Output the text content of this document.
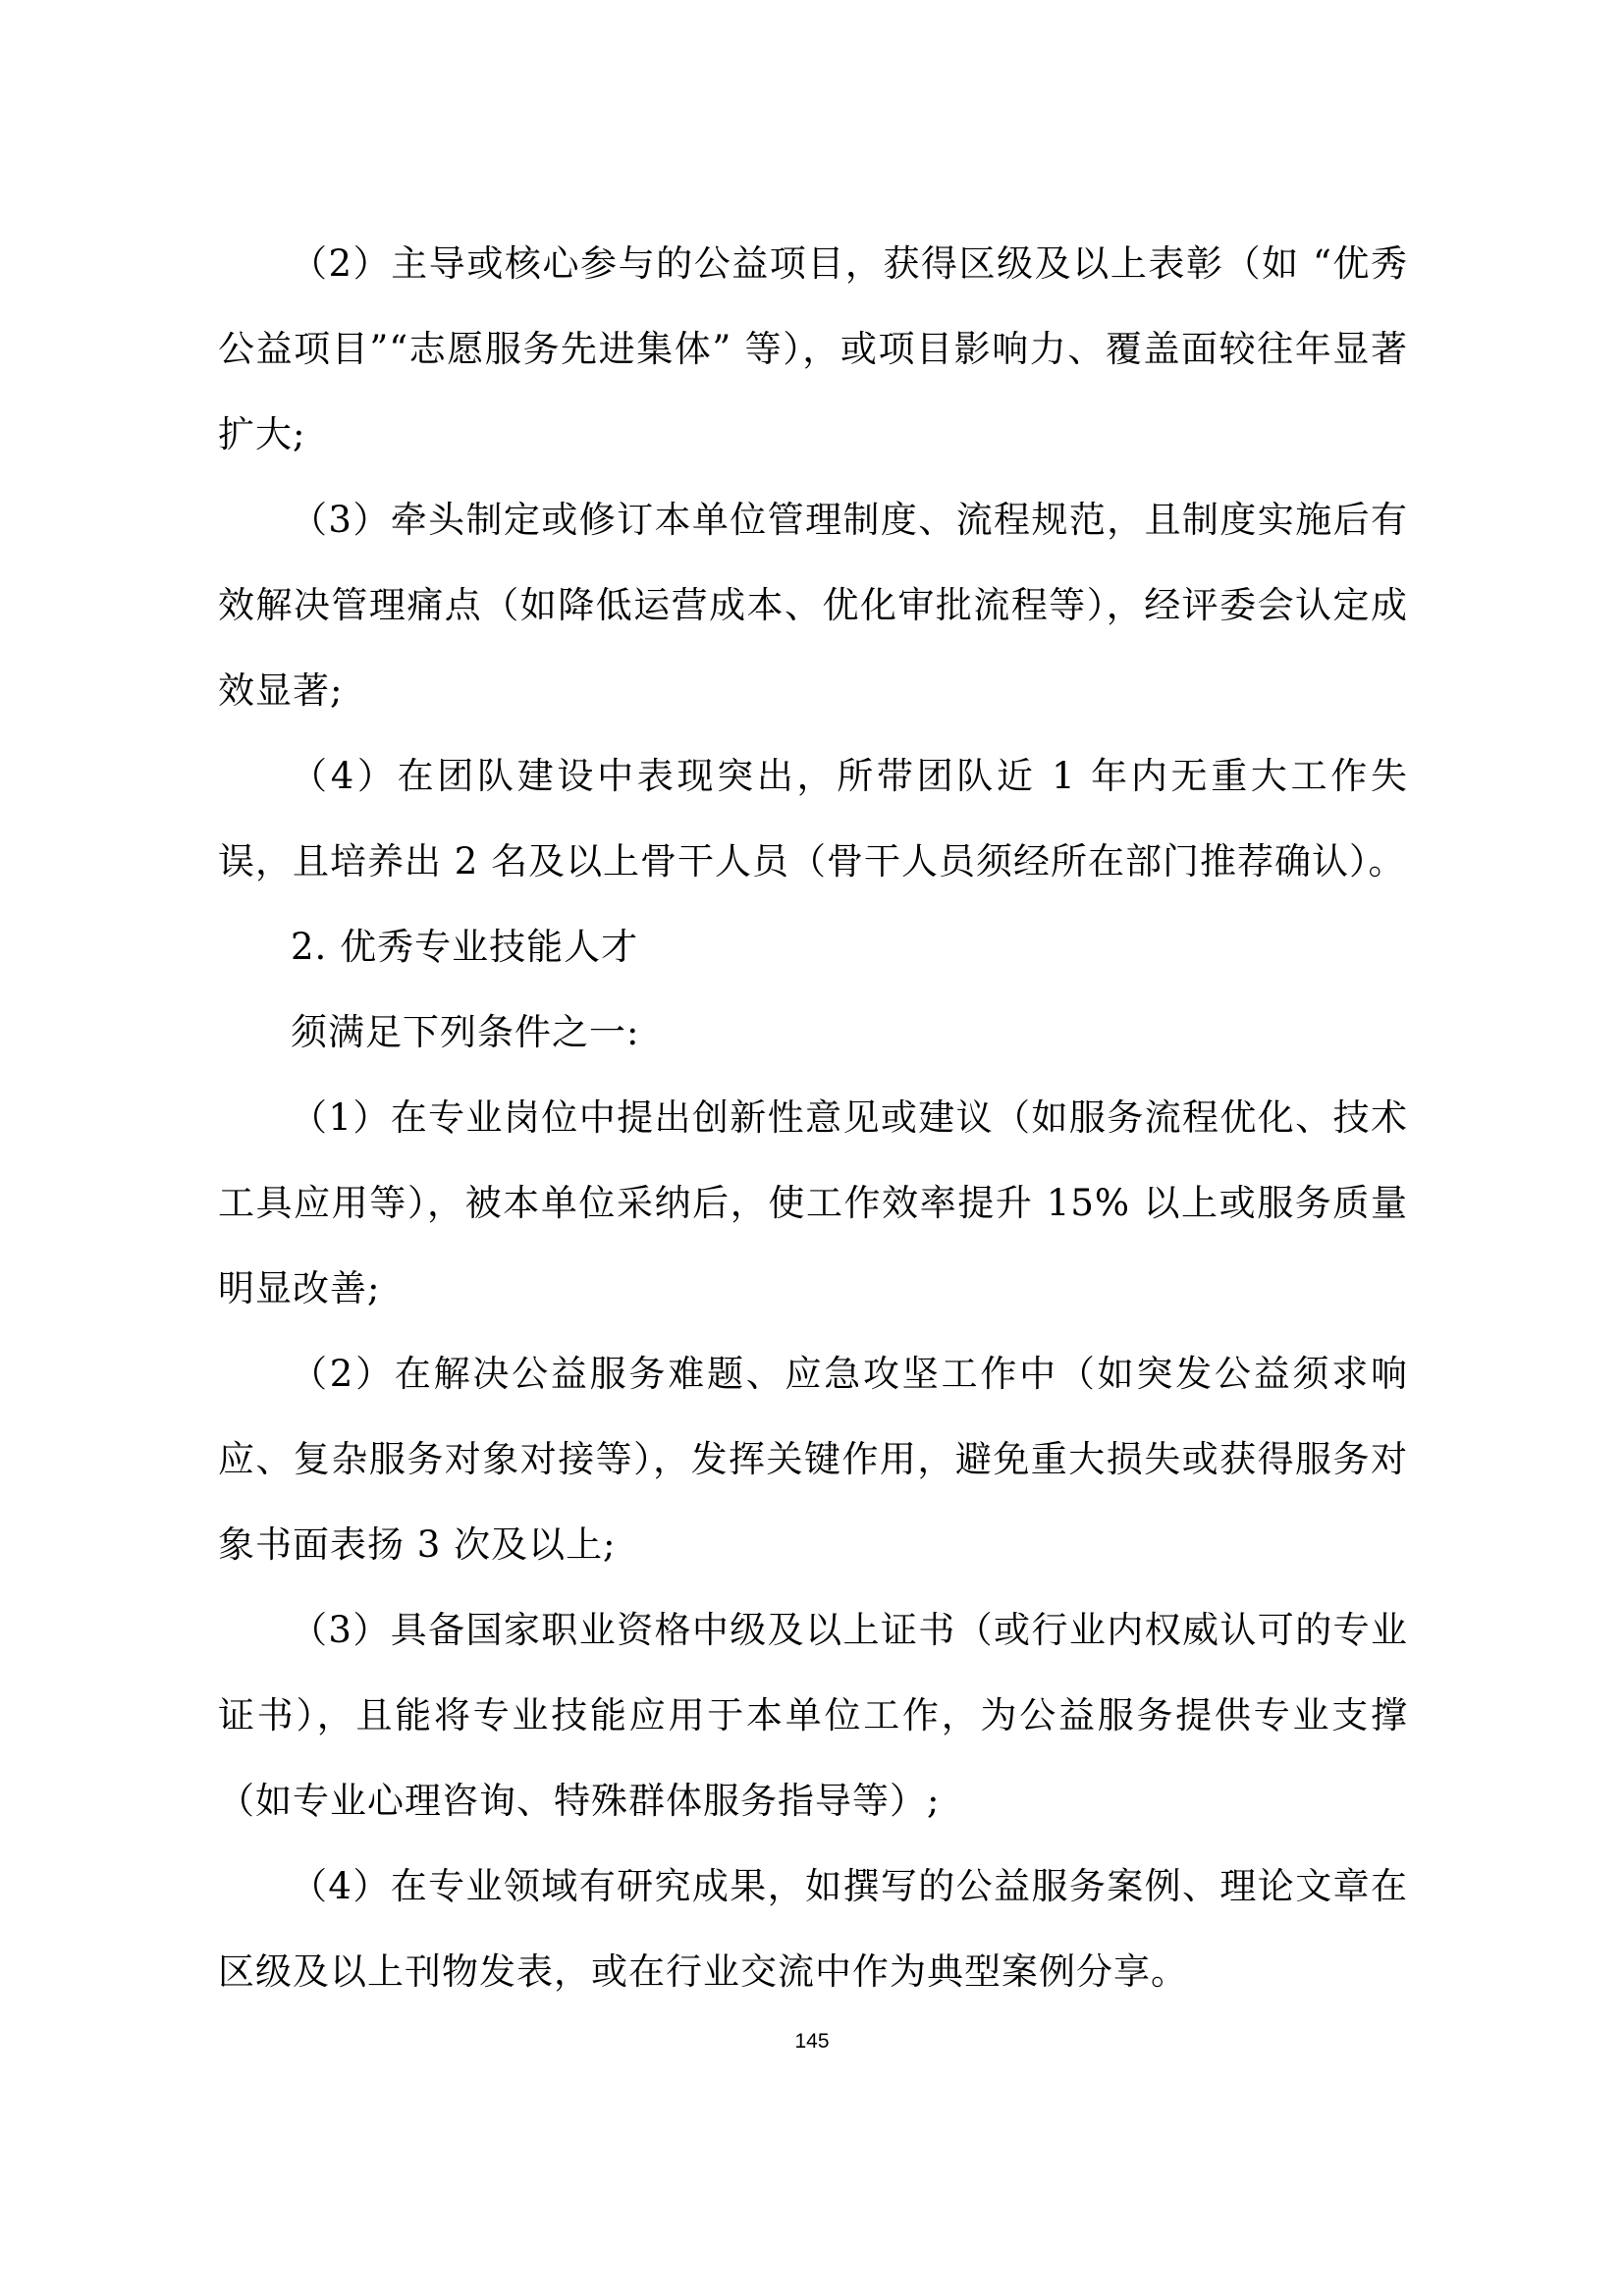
（2）主导或核心参与的公益项目，获得区级及以上表彰（如 “优秀公益项目”“志愿服务先进集体” 等），或项目影响力、覆盖面较往年显著扩大;

（3）牵头制定或修订本单位管理制度、流程规范，且制度实施后有效解决管理痛点（如降低运营成本、优化审批流程等），经评委会认定成效显著;

（4）在团队建设中表现突出，所带团队近 1 年内无重大工作失误，且培养出 2 名及以上骨干人员（骨干人员须经所在部门推荐确认）。

2. 优秀专业技能人才

须满足下列条件之一:

（1）在专业岗位中提出创新性意见或建议（如服务流程优化、技术工具应用等），被本单位采纳后，使工作效率提升 15% 以上或服务质量明显改善;

（2）在解决公益服务难题、应急攻坚工作中（如突发公益须求响应、复杂服务对象对接等），发挥关键作用，避免重大损失或获得服务对象书面表扬 3 次及以上;

（3）具备国家职业资格中级及以上证书（或行业内权威认可的专业证书），且能将专业技能应用于本单位工作，为公益服务提供专业支撑（如专业心理咨询、特殊群体服务指导等）;

（4）在专业领域有研究成果，如撰写的公益服务案例、理论文章在区级及以上刊物发表，或在行业交流中作为典型案例分享。

145
